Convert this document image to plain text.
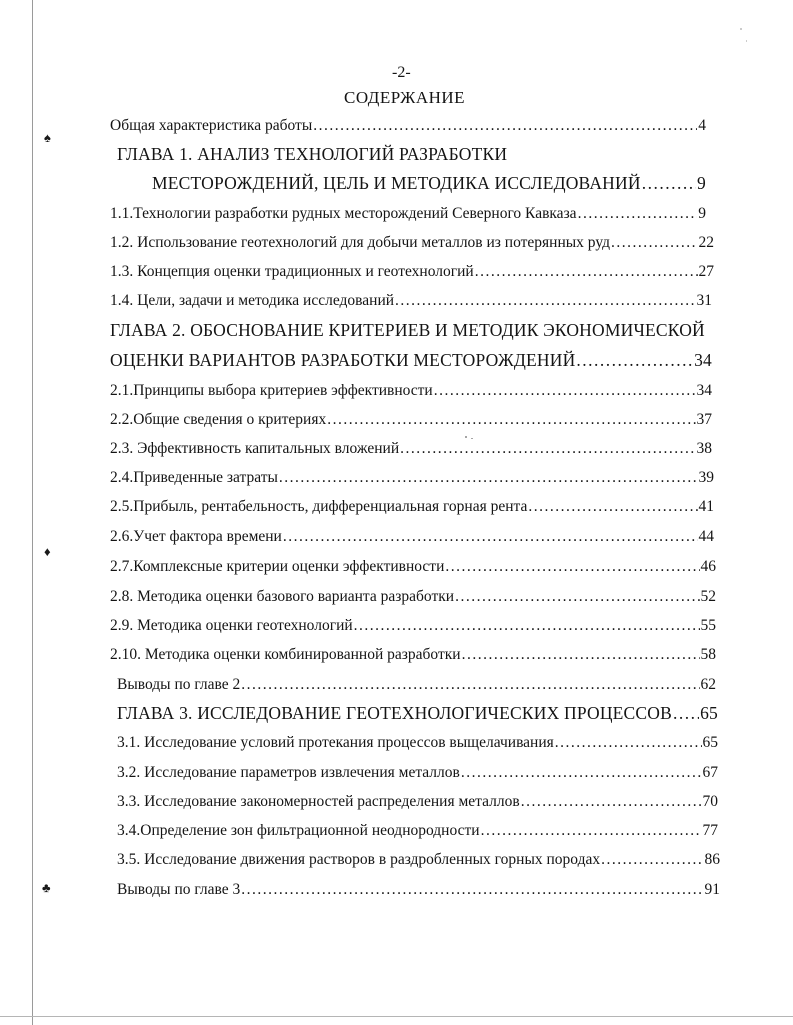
♠
♦
♣
-2-
СОДЕРЖАНИЕ
Общая характеристика работы .....	4
ГЛАВА 1. АНАЛИЗ ТЕХНОЛОГИЙ РАЗРАБОТКИ
МЕСТОРОЖДЕНИЙ, ЦЕЛЬ И МЕТОДИКА ИССЛЕДОВАНИЙ .....	9
1.1.Технологии разработки рудных месторождений Северного Кавказа .....	9
1.2. Использование геотехнологий для добычи металлов из потерянных руд .....	22
1.3. Концепция оценки традиционных и геотехнологий .....	27
1.4. Цели, задачи и методика исследований .....	31
ГЛАВА 2. ОБОСНОВАНИЕ КРИТЕРИЕВ И МЕТОДИК ЭКОНОМИЧЕСКОЙ
ОЦЕНКИ ВАРИАНТОВ РАЗРАБОТКИ МЕСТОРОЖДЕНИЙ .....	34
2.1.Принципы выбора критериев эффективности .....	34
2.2.Общие сведения о критериях .....	37
2.3. Эффективность капитальных вложений .....	38
2.4.Приведенные затраты .....	39
2.5.Прибыль, рентабельность, дифференциальная горная рента .....	41
2.6.Учет фактора времени .....	44
2.7.Комплексные критерии оценки эффективности .....	46
2.8. Методика оценки базового варианта разработки .....	52
2.9. Методика оценки геотехнологий .....	55
2.10. Методика оценки комбинированной разработки .....	58
Выводы по главе 2 .....	62
ГЛАВА 3. ИССЛЕДОВАНИЕ ГЕОТЕХНОЛОГИЧЕСКИХ ПРОЦЕССОВ ..... 65
3.1. Исследование условий протекания процессов выщелачивания .....	65
3.2. Исследование параметров извлечения металлов .....	67
3.3. Исследование закономерностей распределения металлов .....	70
3.4.Определение зон фильтрационной неоднородности .....	77
3.5. Исследование движения растворов в раздробленных горных породах .....	86
Выводы по главе 3 .....	91
